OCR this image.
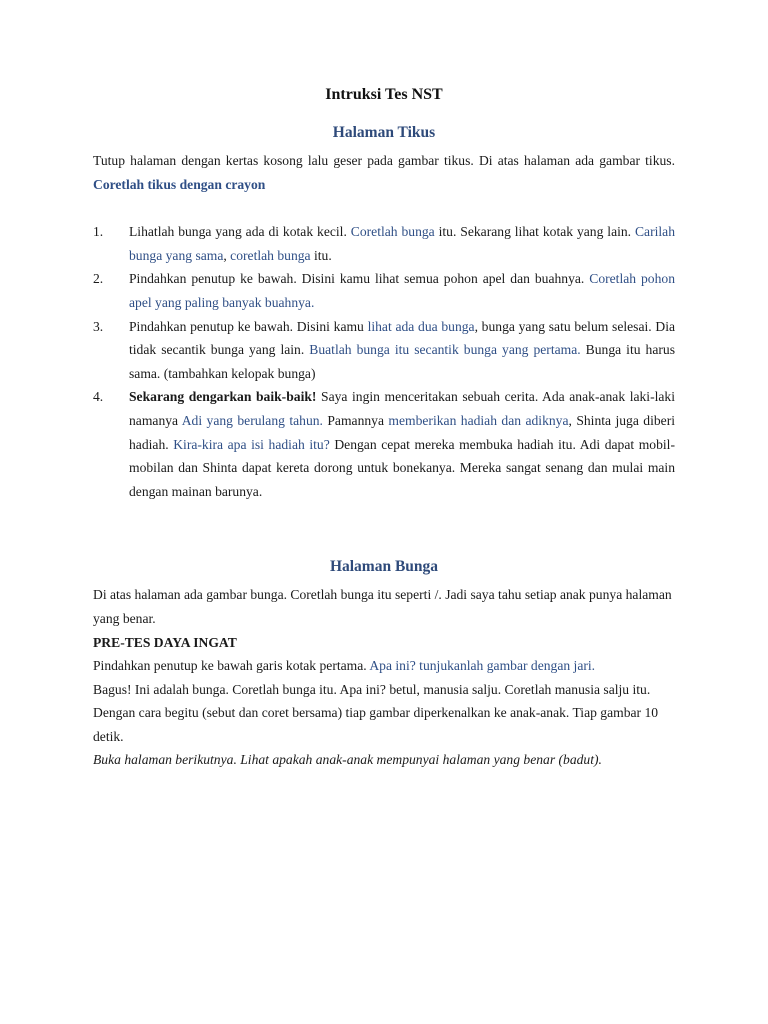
Intruksi Tes NST
Halaman Tikus

Tutup halaman dengan kertas kosong lalu geser pada gambar tikus. Di atas halaman ada gambar tikus. Coretlah tikus dengan crayon

1. Lihatlah bunga yang ada di kotak kecil. Coretlah bunga itu. Sekarang lihat kotak yang lain. Carilah bunga yang sama, coretlah bunga itu.
2. Pindahkan penutup ke bawah. Disini kamu lihat semua pohon apel dan buahnya. Coretlah pohon apel yang paling banyak buahnya.
3. Pindahkan penutup ke bawah. Disini kamu lihat ada dua bunga, bunga yang satu belum selesai. Dia tidak secantik bunga yang lain. Buatlah bunga itu secantik bunga yang pertama. Bunga itu harus sama. (tambahkan kelopak bunga)
4. Sekarang dengarkan baik-baik! Saya ingin menceritakan sebuah cerita. Ada anak-anak laki-laki namanya Adi yang berulang tahun. Pamannya memberikan hadiah dan adiknya, Shinta juga diberi hadiah. Kira-kira apa isi hadiah itu? Dengan cepat mereka membuka hadiah itu. Adi dapat mobil-mobilan dan Shinta dapat kereta dorong untuk bonekanya. Mereka sangat senang dan mulai main dengan mainan barunya.
Halaman Bunga

Di atas halaman ada gambar bunga. Coretlah bunga itu seperti /. Jadi saya tahu setiap anak punya halaman yang benar.

PRE-TES DAYA INGAT

Pindahkan penutup ke bawah garis kotak pertama. Apa ini? tunjukanlah gambar dengan jari.

Bagus! Ini adalah bunga. Coretlah bunga itu. Apa ini? betul, manusia salju. Coretlah manusia salju itu.

Dengan cara begitu (sebut dan coret bersama) tiap gambar diperkenalkan ke anak-anak. Tiap gambar 10 detik.

Buka halaman berikutnya. Lihat apakah anak-anak mempunyai halaman yang benar (badut).
